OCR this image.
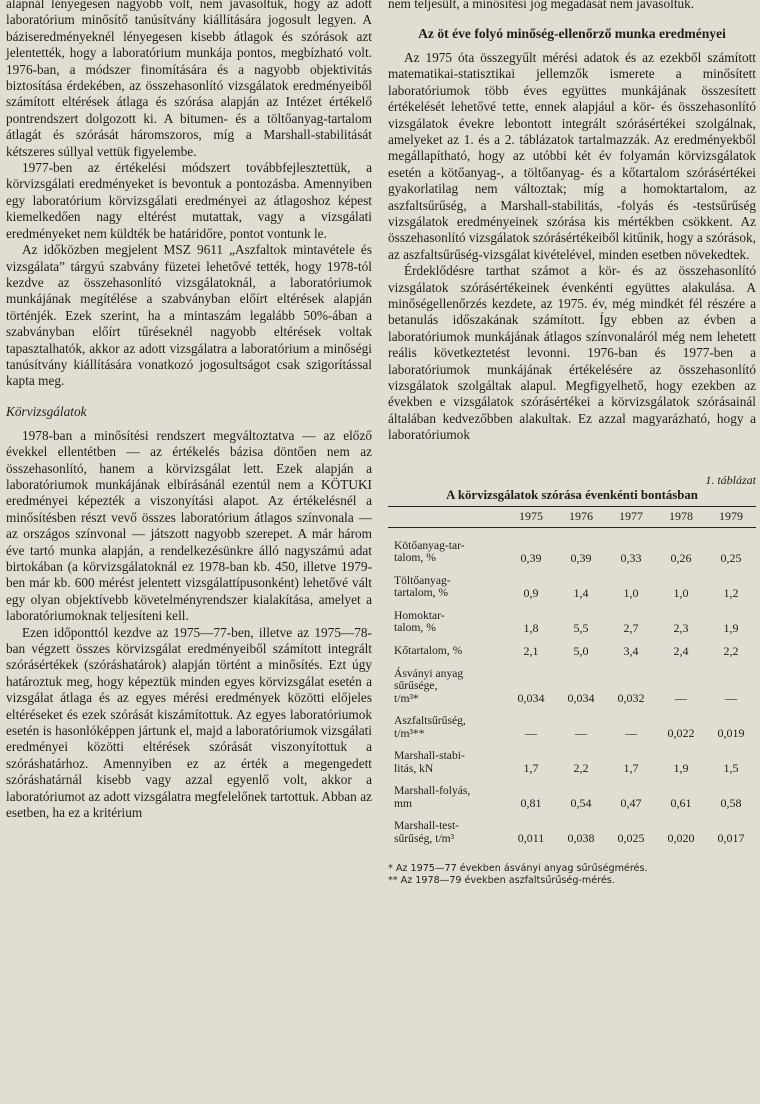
alapnál lényegesen nagyobb volt, nem javasoltuk, hogy az adott laboratórium minősítő tanúsítvány kiállítására jogosult legyen. A báziseredményeknél lényegesen kisebb átlagok és szórások azt jelentették, hogy a laboratórium munkája pontos, megbízható volt. 1976-ban, a módszer finomítására és a nagyobb objektivitás biztosítása érdekében, az összehasonlító vizsgálatok eredményeiből számított eltérések átlaga és szórása alapján az Intézet értékelő pontrendszert dolgozott ki. A bitumen- és a töltőanyag-tartalom átlagát és szórását háromszoros, míg a Marshall-stabilitását kétszeres súllyal vettük figyelembe.

1977-ben az értékelési módszert továbbfejlesztettük, a körvizsgálati eredményeket is bevontuk a pontozásba. Amennyiben egy laboratórium körvizsgálati eredményei az átlagoshoz képest kiemelkedően nagy eltérést mutattak, vagy a vizsgálati eredményeket nem küldték be határidőre, pontot vontunk le.

Az időközben megjelent MSZ 9611 „Aszfaltok mintavétele és vizsgálata” tárgyú szabvány füzetei lehetővé tették, hogy 1978-tól kezdve az összehasonlító vizsgálatoknál, a laboratóriumok munkájának megítélése a szabványban előírt eltérések alapján történjék. Ezek szerint, ha a mintaszám legalább 50%-ában a szabványban előírt tűréseknél nagyobb eltérések voltak tapasztalhatók, akkor az adott vizsgálatra a laboratórium a minőségi tanúsítvány kiállítására vonatkozó jogosultságot csak szigorítással kapta meg.

Körvizsgálatok

1978-ban a minősítési rendszert megváltoztatva — az előző évekkel ellentétben — az értékelés bázisa döntően nem az összehasonlító, hanem a körvizsgálat lett. Ezek alapján a laboratóriumok munkájának elbírásánál ezentúl nem a KÖTUKI eredményei képezték a viszonyítási alapot. Az értékelésnél a minősítésben részt vevő összes laboratórium átlagos színvonala — az országos színvonal — játszott nagyobb szerepet. A már három éve tartó munka alapján, a rendelkezésünkre álló nagyszámú adat birtokában (a körvizsgálatoknál ez 1978-ban kb. 450, illetve 1979-ben már kb. 600 mérést jelentett vizsgálattípusonként) lehetővé vált egy olyan objektívebb követelményrendszer kialakítása, amelyet a laboratóriumoknak teljesíteni kell.

Ezen időponttól kezdve az 1975—77-ben, illetve az 1975—78-ban végzett összes körvizsgálat eredményeiből számított integrált szórásértékek (szóráshatárok) alapján történt a minősítés. Ezt úgy határoztuk meg, hogy képeztük minden egyes körvizsgálat esetén a vizsgálat átlaga és az egyes mérési eredmények közötti előjeles eltéréseket és ezek szórását kiszámítottuk. Az egyes laboratóriumok esetén is hasonlóképpen jártunk el, majd a laboratóriumok vizsgálati eredményei közötti eltérések szórását viszonyítottuk a szóráshatárhoz. Amennyiben ez az érték a megengedett szóráshatárnál kisebb vagy azzal egyenlő volt, akkor a laboratóriumot az adott vizsgálatra megfelelőnek tartottuk. Abban az esetben, ha ez a kritérium

nem teljesült, a minősítési jog megadását nem javasoltuk.

Az öt éve folyó minőség-ellenőrző munka eredményei

Az 1975 óta összegyűlt mérési adatok és az ezekből számított matematikai-statisztikai jellemzők ismerete a minősített laboratóriumok több éves együttes munkájának összesített értékelését lehetővé tette, ennek alapjául a kör- és összehasonlító vizsgálatok évekre lebontott integrált szórásértékei szolgálnak, amelyeket az 1. és a 2. táblázatok tartalmazzák. Az eredményekből megállapítható, hogy az utóbbi két év folyamán körvizsgálatok esetén a kötőanyag-, a töltőanyag- és a kőtartalom szórásértékei gyakorlatilag nem változtak; míg a homoktartalom, az aszfaltsűrűség, a Marshall-stabilitás, -folyás és -testsűrűség vizsgálatok eredményeinek szórása kis mértékben csökkent. Az összehasonlító vizsgálatok szórásértékeiből kitűnik, hogy a szórások, az aszfaltsűrűség-vizsgálat kivételével, minden esetben növekedtek.

Érdeklődésre tarthat számot a kör- és az összehasonlító vizsgálatok szórásértékeinek évenkénti együttes alakulása. A minőségellenőrzés kezdete, az 1975. év, még mindkét fél részére a betanulás időszakának számított. Így ebben az évben a laboratóriumok munkájának átlagos színvonaláról még nem lehetett reális következtetést levonni. 1976-ban és 1977-ben a laboratóriumok munkájának értékelésére az összehasonlító vizsgálatok szolgáltak alapul. Megfigyelhető, hogy ezekben az években e vizsgálatok szórásértékei a körvizsgálatok szórásainál általában kedvezőbben alakultak. Ez azzal magyarázható, hogy a laboratóriumok

1. táblázat
A körvizsgálatok szórása évenkénti bontásban
	1975	1976	1977	1978	1979

Kötőanyag-tar-
talom, %	0,39	0,39	0,33	0,26	0,25

Töltőanyag-
tartalom, %	0,9	1,4	1,0	1,0	1,2

Homoktar-
talom, %	1,8	5,5	2,7	2,3	1,9

Kőtartalom, %	2,1	5,0	3,4	2,4	2,2

Ásványi anyag
sűrűsége,
t/m³*	0,034	0,034	0,032	—	—

Aszfaltsűrűség,
t/m³**	—	—	—	0,022	0,019

Marshall-stabi-
litás, kN	1,7	2,2	1,7	1,9	1,5

Marshall-folyás,
mm	0,81	0,54	0,47	0,61	0,58

Marshall-test-
sűrűség, t/m³	0,011	0,038	0,025	0,020	0,017
* Az 1975—77 években ásványi anyag sűrűségmérés.
** Az 1978—79 években aszfaltsűrűség-mérés.
